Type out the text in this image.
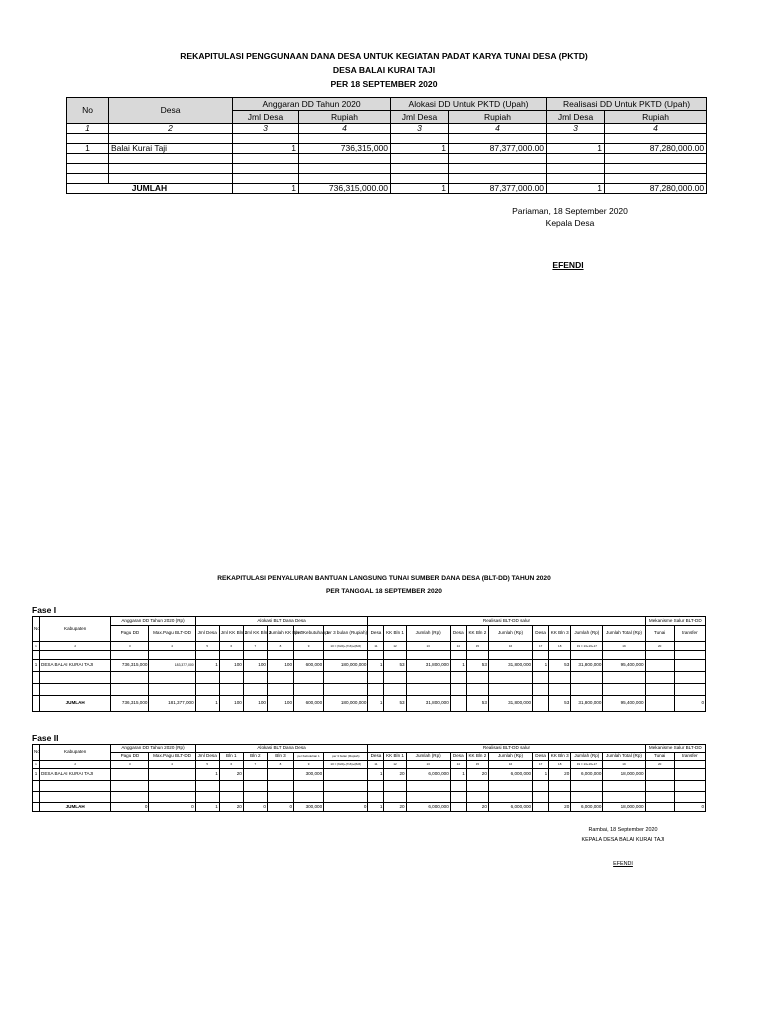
REKAPITULASI PENGGUNAAN DANA DESA UNTUK KEGIATAN PADAT KARYA TUNAI DESA (PKTD)
DESA BALAI KURAI TAJI
PER 18 SEPTEMBER 2020
No	Desa	Anggaran DD Tahun 2020		Alokasi DD Untuk PKTD (Upah)		Realisasi DD Untuk PKTD (Upah)	
		Jml Desa	Rupiah	Jml Desa	Rupiah	Jml Desa	Rupiah
1	2	3	4	3	4	3	4

1	Balai Kurai Taji	1	736,315,000	1	87,377,000.00	1	87,280,000.00

JUMLAH		1	736,315,000.00	1	87,377,000.00	1	87,280,000.00
Pariaman, 18 September 2020
Kepala Desa
EFENDI
REKAPITULASI PENYALURAN BANTUAN LANGSUNG TUNAI SUMBER DANA DESA (BLT-DD) TAHUN 2020
PER TANGGAL 18 SEPTEMBER 2020
Fase I
No	Kabupaten	Anggaran DD Tahun 2020 (Rp)		Alokasi BLT Dana Desa						Realisasi BLT-DD salur										Mekanisme Salur BLT-DD	
		Pagu DD	Max.Pagu BLT-DD	Jml Desa	Jml KK Bln 1	Jml KK Bln 2	Jumlah KK Bln 3	per Kebutuhan 1	per 3 bulan (Rupiah)	Desa	KK Bln 1	Jumlah (Rp)	Desa	KK Bln 2	Jumlah (Rp)	Desa	KK Bln 3	Jumlah (Rp)	Jumlah Total (Rp)	Tunai	transfer
1	2	3	4	5	6	7	8	9	10 = (6x6)+(7x6)+(8x6)	11	12	13	14	15	16	17	18	19 = 13+16+17	19	20	

1	DESA BALAI KURAI TAJI	736,315,000	183,377,000	1	100	100	100	600,000	180,000,000	1	53	31,800,000	1	53	31,800,000	1	53	31,800,000	95,400,000		

	JUMLAH	736,315,000	181,377,000	1	100	100	100	600,000	180,000,000	1	53	31,800,000		53	31,800,000		53	31,800,000	95,400,000		0
Fase II
No	Kabupaten	Anggaran DD Tahun 2020 (Rp)		Alokasi BLT Dana Desa						Realisasi BLT-DD salur										Mekanisme Salur BLT-DD	
		Pagu DD	Max.Pagu BLT-DD	Jml Desa	Bln 1	Bln 2	Bln 3	per Kebutuhan 1	per 3 bulan (Rupiah)	Desa	KK Bln 1	Jumlah (Rp)	Desa	KK Bln 2	Jumlah (Rp)	Desa	KK Bln 3	Jumlah (Rp)	Jumlah Total (Rp)	Tunai	transfer
1	2	3	4	5	6	7	8	9	10 = (6x6)+(7x6)+(8x6)	11	12	13	14	15	16	17	18	19 = 13+16+17	19	20	
1	DESA BALAI KURAI TAJI			1	20			300,000		1	20	6,000,000	1	20	6,000,000	1	20	6,000,000	18,000,000		

	JUMLAH	0	0	1	20	0	0	300,000	0	1	20	6,000,000		20	6,000,000		20	6,000,000	18,000,000		0
Rambai, 18 September 2020
KEPALA DESA BALAI KURAI TAJI
EFENDI
